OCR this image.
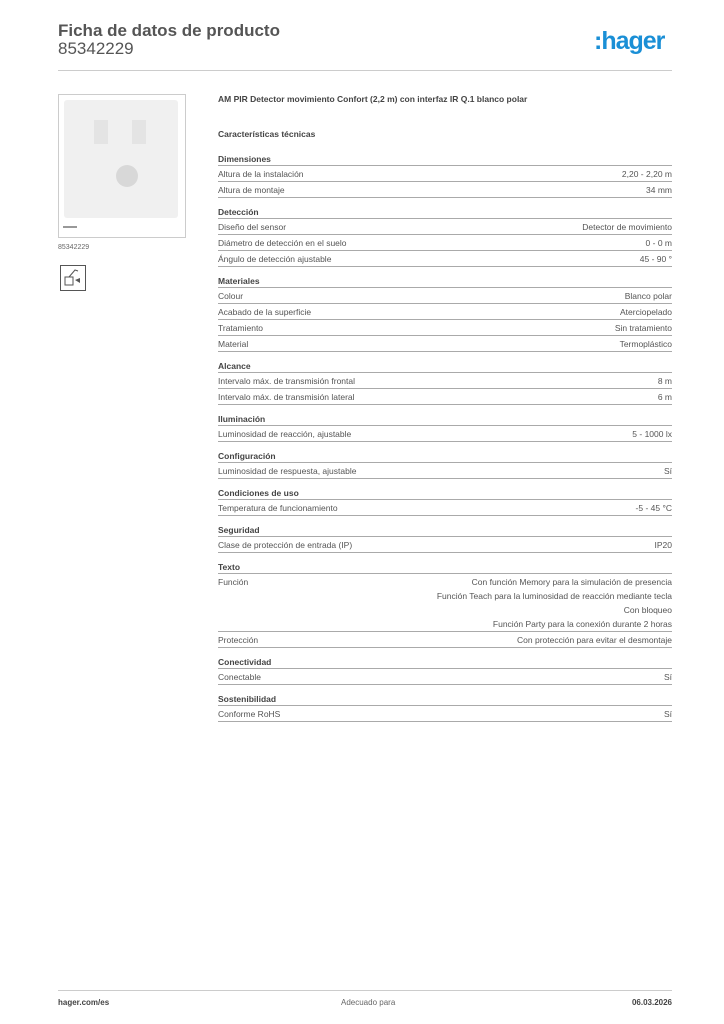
Ficha de datos de producto
85342229	:hager
85342229
AM PIR Detector movimiento Confort (2,2 m) con interfaz IR Q.1 blanco polar
Características técnicas
Dimensiones
Altura de la instalación	2,20 - 2,20 m
Altura de montaje	34 mm
Detección
Diseño del sensor	Detector de movimiento
Diámetro de detección en el suelo	0 - 0 m
Ángulo de detección ajustable	45 - 90 °
Materiales
Colour	Blanco polar
Acabado de la superficie	Aterciopelado
Tratamiento	Sin tratamiento
Material	Termoplástico
Alcance
Intervalo máx. de transmisión frontal	8 m
Intervalo máx. de transmisión lateral	6 m
Iluminación
Luminosidad de reacción, ajustable	5 - 1000 lx
Configuración
Luminosidad de respuesta, ajustable	Sí
Condiciones de uso
Temperatura de funcionamiento	-5 - 45 °C
Seguridad
Clase de protección de entrada (IP)	IP20
Texto
Función	Con función Memory para la simulación de presencia
Función Teach para la luminosidad de reacción mediante tecla
Con bloqueo
Función Party para la conexión durante 2 horas
Protección	Con protección para evitar el desmontaje
Conectividad
Conectable	Sí
Sostenibilidad
Conforme RoHS	Sí
hager.com/es	Adecuado para	06.03.2026
